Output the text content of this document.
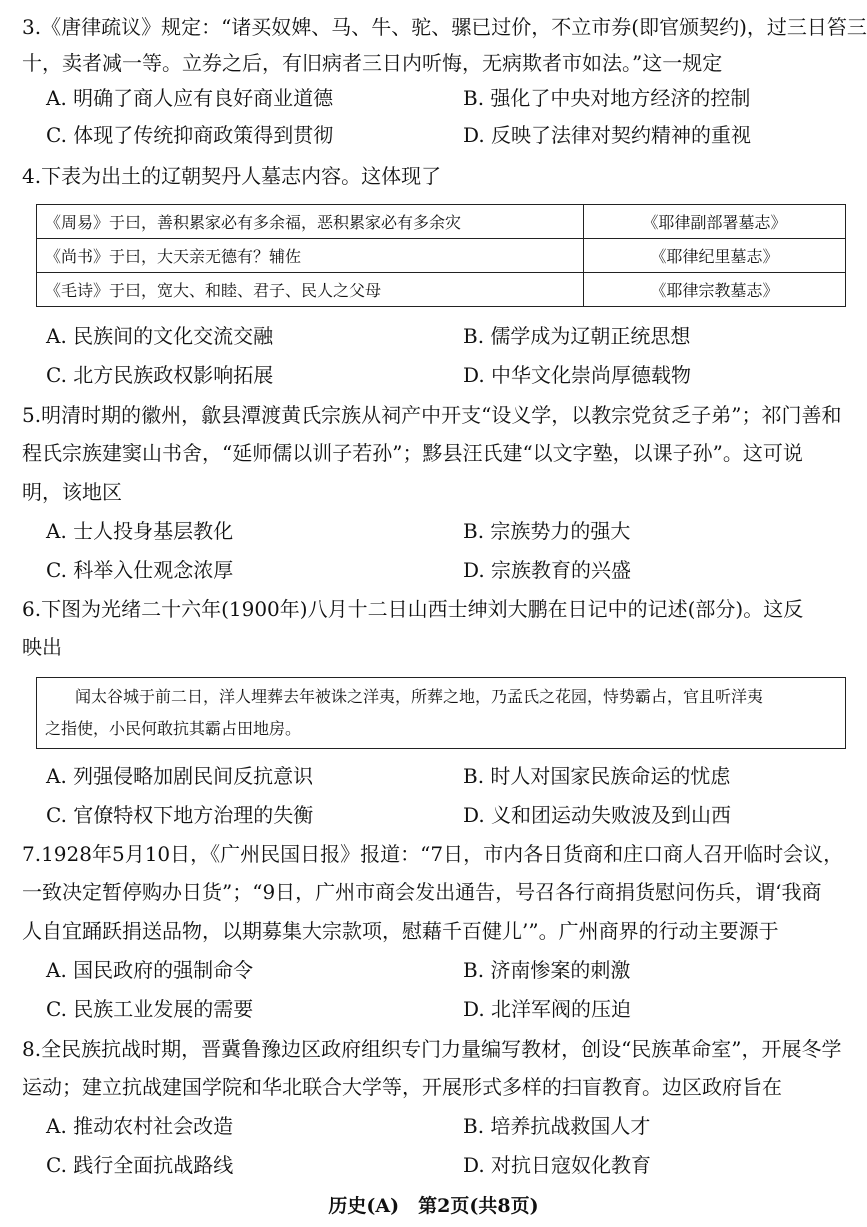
3.《唐律疏议》规定：“诸买奴婢、马、牛、驼、骡已过价，不立市券(即官颁契约)，过三日笞三
十，卖者减一等。立券之后，有旧病者三日内听悔，无病欺者市如法。”这一规定
A. 明确了商人应有良好商业道德	B. 强化了中央对地方经济的控制
C. 体现了传统抑商政策得到贯彻	D. 反映了法律对契约精神的重视
4.下表为出土的辽朝契丹人墓志内容。这体现了
《周易》于曰，善积累家必有多余福，恶积累家必有多余灾	《耶律副部署墓志》
《尚书》于曰，大天亲无德有？辅佐	《耶律纪里墓志》
《毛诗》于曰，宽大、和睦、君子、民人之父母	《耶律宗教墓志》
A. 民族间的文化交流交融	B. 儒学成为辽朝正统思想
C. 北方民族政权影响拓展	D. 中华文化崇尚厚德载物
5.明清时期的徽州，歙县潭渡黄氏宗族从祠产中开支“设义学，以教宗党贫乏子弟”；祁门善和
程氏宗族建窦山书舍，“延师儒以训子若孙”；黟县汪氏建“以文字塾，以课子孙”。这可说
明，该地区
A. 士人投身基层教化	B. 宗族势力的强大
C. 科举入仕观念浓厚	D. 宗族教育的兴盛
6.下图为光绪二十六年(1900年)八月十二日山西士绅刘大鹏在日记中的记述(部分)。这反
映出
闻太谷城于前二日，洋人埋葬去年被诛之洋夷，所葬之地，乃孟氏之花园，恃势霸占，官且听洋夷
之指使，小民何敢抗其霸占田地房。
A. 列强侵略加剧民间反抗意识	B. 时人对国家民族命运的忧虑
C. 官僚特权下地方治理的失衡	D. 义和团运动失败波及到山西
7.1928年5月10日，《广州民国日报》报道：“7日，市内各日货商和庄口商人召开临时会议，
一致决定暂停购办日货”；“9日，广州市商会发出通告，号召各行商捐货慰问伤兵，谓‘我商
人自宜踊跃捐送品物，以期募集大宗款项，慰藉千百健儿’”。广州商界的行动主要源于
A. 国民政府的强制命令	B. 济南惨案的刺激
C. 民族工业发展的需要	D. 北洋军阀的压迫
8.全民族抗战时期，晋冀鲁豫边区政府组织专门力量编写教材，创设“民族革命室”，开展冬学
运动；建立抗战建国学院和华北联合大学等，开展形式多样的扫盲教育。边区政府旨在
A. 推动农村社会改造	B. 培养抗战救国人才
C. 践行全面抗战路线	D. 对抗日寇奴化教育
历史(A)　第2页(共8页)
